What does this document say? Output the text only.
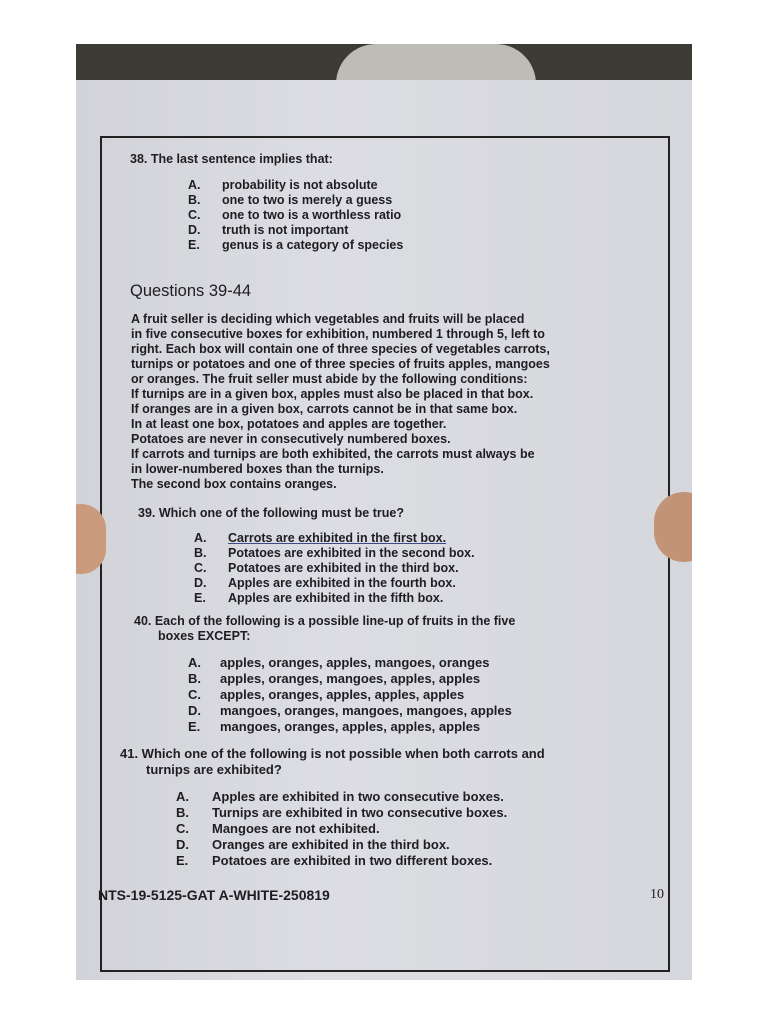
38. The last sentence implies that:
A. probability is not absolute
B. one to two is merely a guess
C. one to two is a worthless ratio
D. truth is not important
E. genus is a category of species
Questions 39-44
A fruit seller is deciding which vegetables and fruits will be placed
in five consecutive boxes for exhibition, numbered 1 through 5, left to
right. Each box will contain one of three species of vegetables carrots,
turnips or potatoes and one of three species of fruits apples, mangoes
or oranges. The fruit seller must abide by the following conditions:
If turnips are in a given box, apples must also be placed in that box.
If oranges are in a given box, carrots cannot be in that same box.
In at least one box, potatoes and apples are together.
Potatoes are never in consecutively numbered boxes.
If carrots and turnips are both exhibited, the carrots must always be
in lower-numbered boxes than the turnips.
The second box contains oranges.
39. Which one of the following must be true?
A. Carrots are exhibited in the first box.
B. Potatoes are exhibited in the second box.
C. Potatoes are exhibited in the third box.
D. Apples are exhibited in the fourth box.
E. Apples are exhibited in the fifth box.
40. Each of the following is a possible line-up of fruits in the five
boxes EXCEPT:
A. apples, oranges, apples, mangoes, oranges
B. apples, oranges, mangoes, apples, apples
C. apples, oranges, apples, apples, apples
D. mangoes, oranges, mangoes, mangoes, apples
E. mangoes, oranges, apples, apples, apples
41. Which one of the following is not possible when both carrots and
turnips are exhibited?
A. Apples are exhibited in two consecutive boxes.
B. Turnips are exhibited in two consecutive boxes.
C. Mangoes are not exhibited.
D. Oranges are exhibited in the third box.
E. Potatoes are exhibited in two different boxes.
NTS-19-5125-GAT A-WHITE-250819	10
